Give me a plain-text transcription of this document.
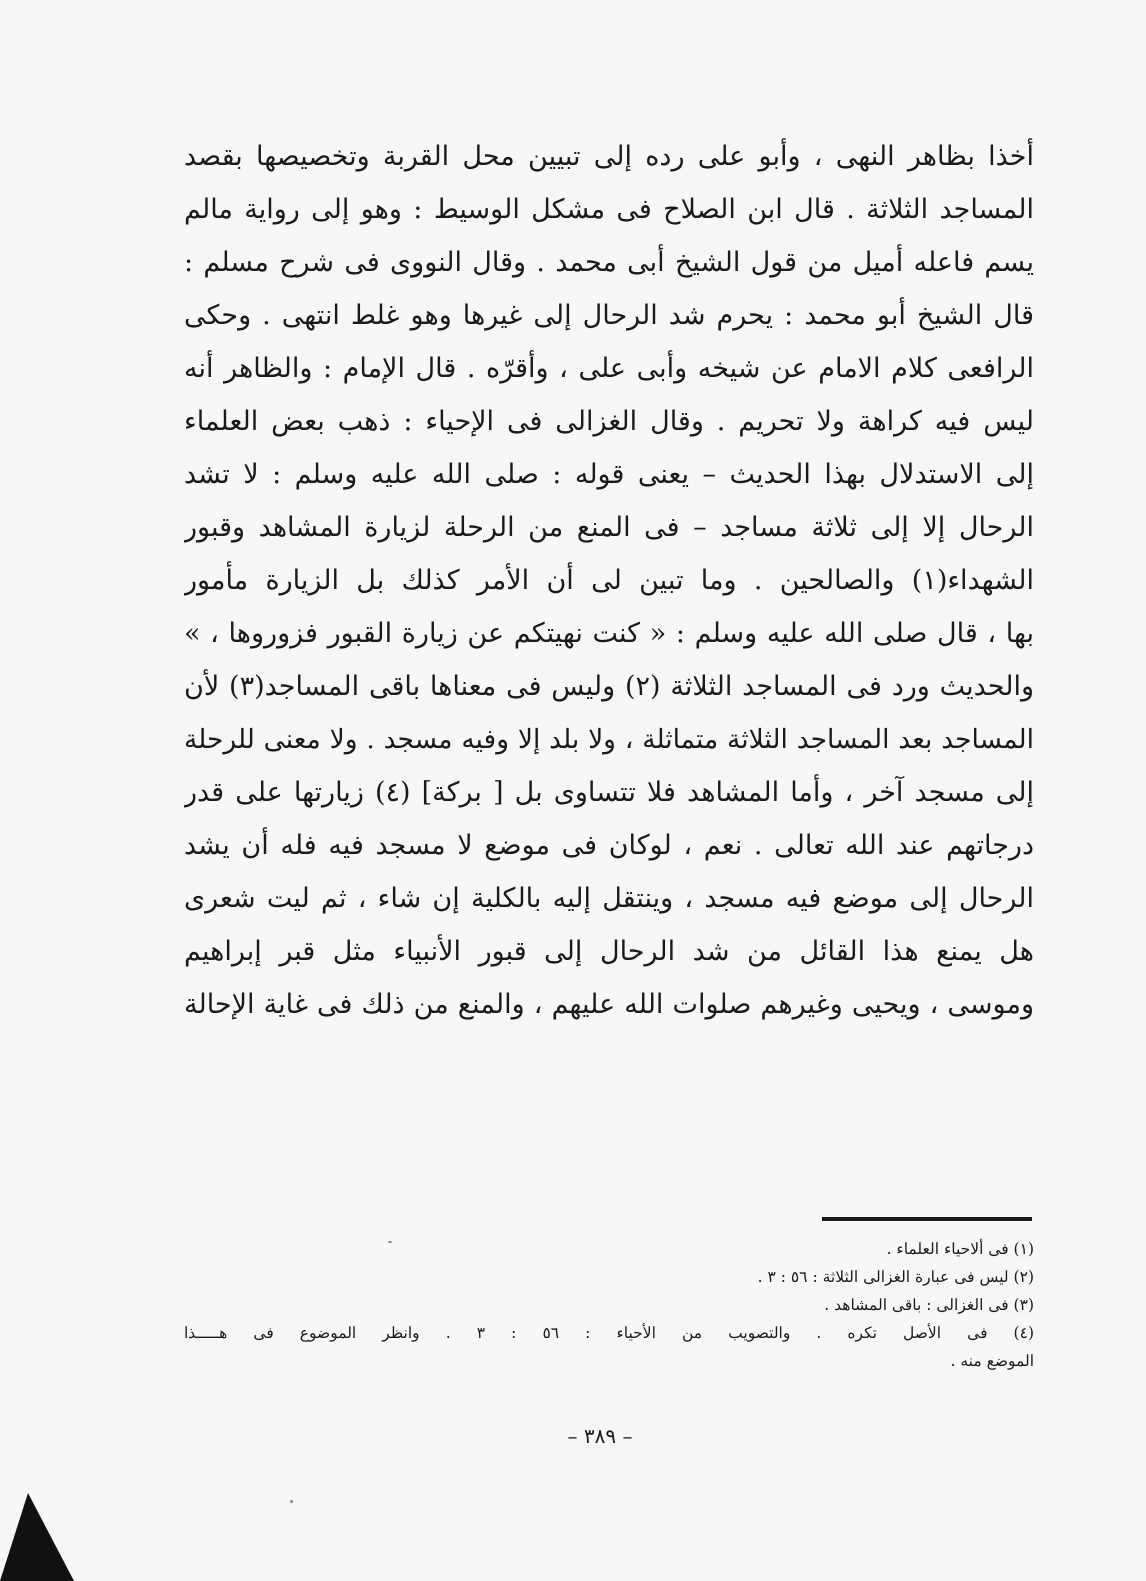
أخذا بظاهر النهى ، وأبو على رده إلى تبيين محل القربة وتخصيصها بقصد
المساجد الثلاثة . قال ابن الصلاح فى مشكل الوسيط : وهو إلى رواية مالم
يسم فاعله أميل من قول الشيخ أبى محمد . وقال النووى فى شرح مسلم :
قال الشيخ أبو محمد : يحرم شد الرحال إلى غيرها وهو غلط انتهى . وحكى
الرافعى كلام الامام عن شيخه وأبى على ، وأقرّه . قال الإمام : والظاهر أنه
ليس فيه كراهة ولا تحريم . وقال الغزالى فى الإحياء : ذهب بعض العلماء
إلى الاستدلال بهذا الحديث – يعنى قوله : صلى الله عليه وسلم : لا تشد
الرحال إلا إلى ثلاثة مساجد – فى المنع من الرحلة لزيارة المشاهد وقبور
الشهداء(١) والصالحين . وما تبين لى أن الأمر كذلك بل الزيارة مأمور
بها ، قال صلى الله عليه وسلم : « كنت نهيتكم عن زيارة القبور فزوروها ، »
والحديث ورد فى المساجد الثلاثة (٢) وليس فى معناها باقى المساجد(٣) لأن
المساجد بعد المساجد الثلاثة متماثلة ، ولا بلد إلا وفيه مسجد . ولا معنى للرحلة
إلى مسجد آخر ، وأما المشاهد فلا تتساوى بل [ بركة] (٤) زيارتها على قدر
درجاتهم عند الله تعالى . نعم ، لوكان فى موضع لا مسجد فيه فله أن يشد
الرحال إلى موضع فيه مسجد ، وينتقل إليه بالكلية إن شاء ، ثم ليت شعرى
هل يمنع هذا القائل من شد الرحال إلى قبور الأنبياء مثل قبر إبراهيم
وموسى ، ويحيى وغيرهم صلوات الله عليهم ، والمنع من ذلك فى غاية الإحالة
(١) فى ألاحياء العلماء .
(٢) ليس فى عبارة الغزالى الثلاثة : ٥٦ : ٣ .
(٣) فى الغزالى : باقى المشاهد .
(٤) فى الأصل تكره . والتصويب من الأحياء : ٥٦ : ٣ . وانظر الموضوع فى هـــــذا
الموضع منه .
– ٣٨٩ –
